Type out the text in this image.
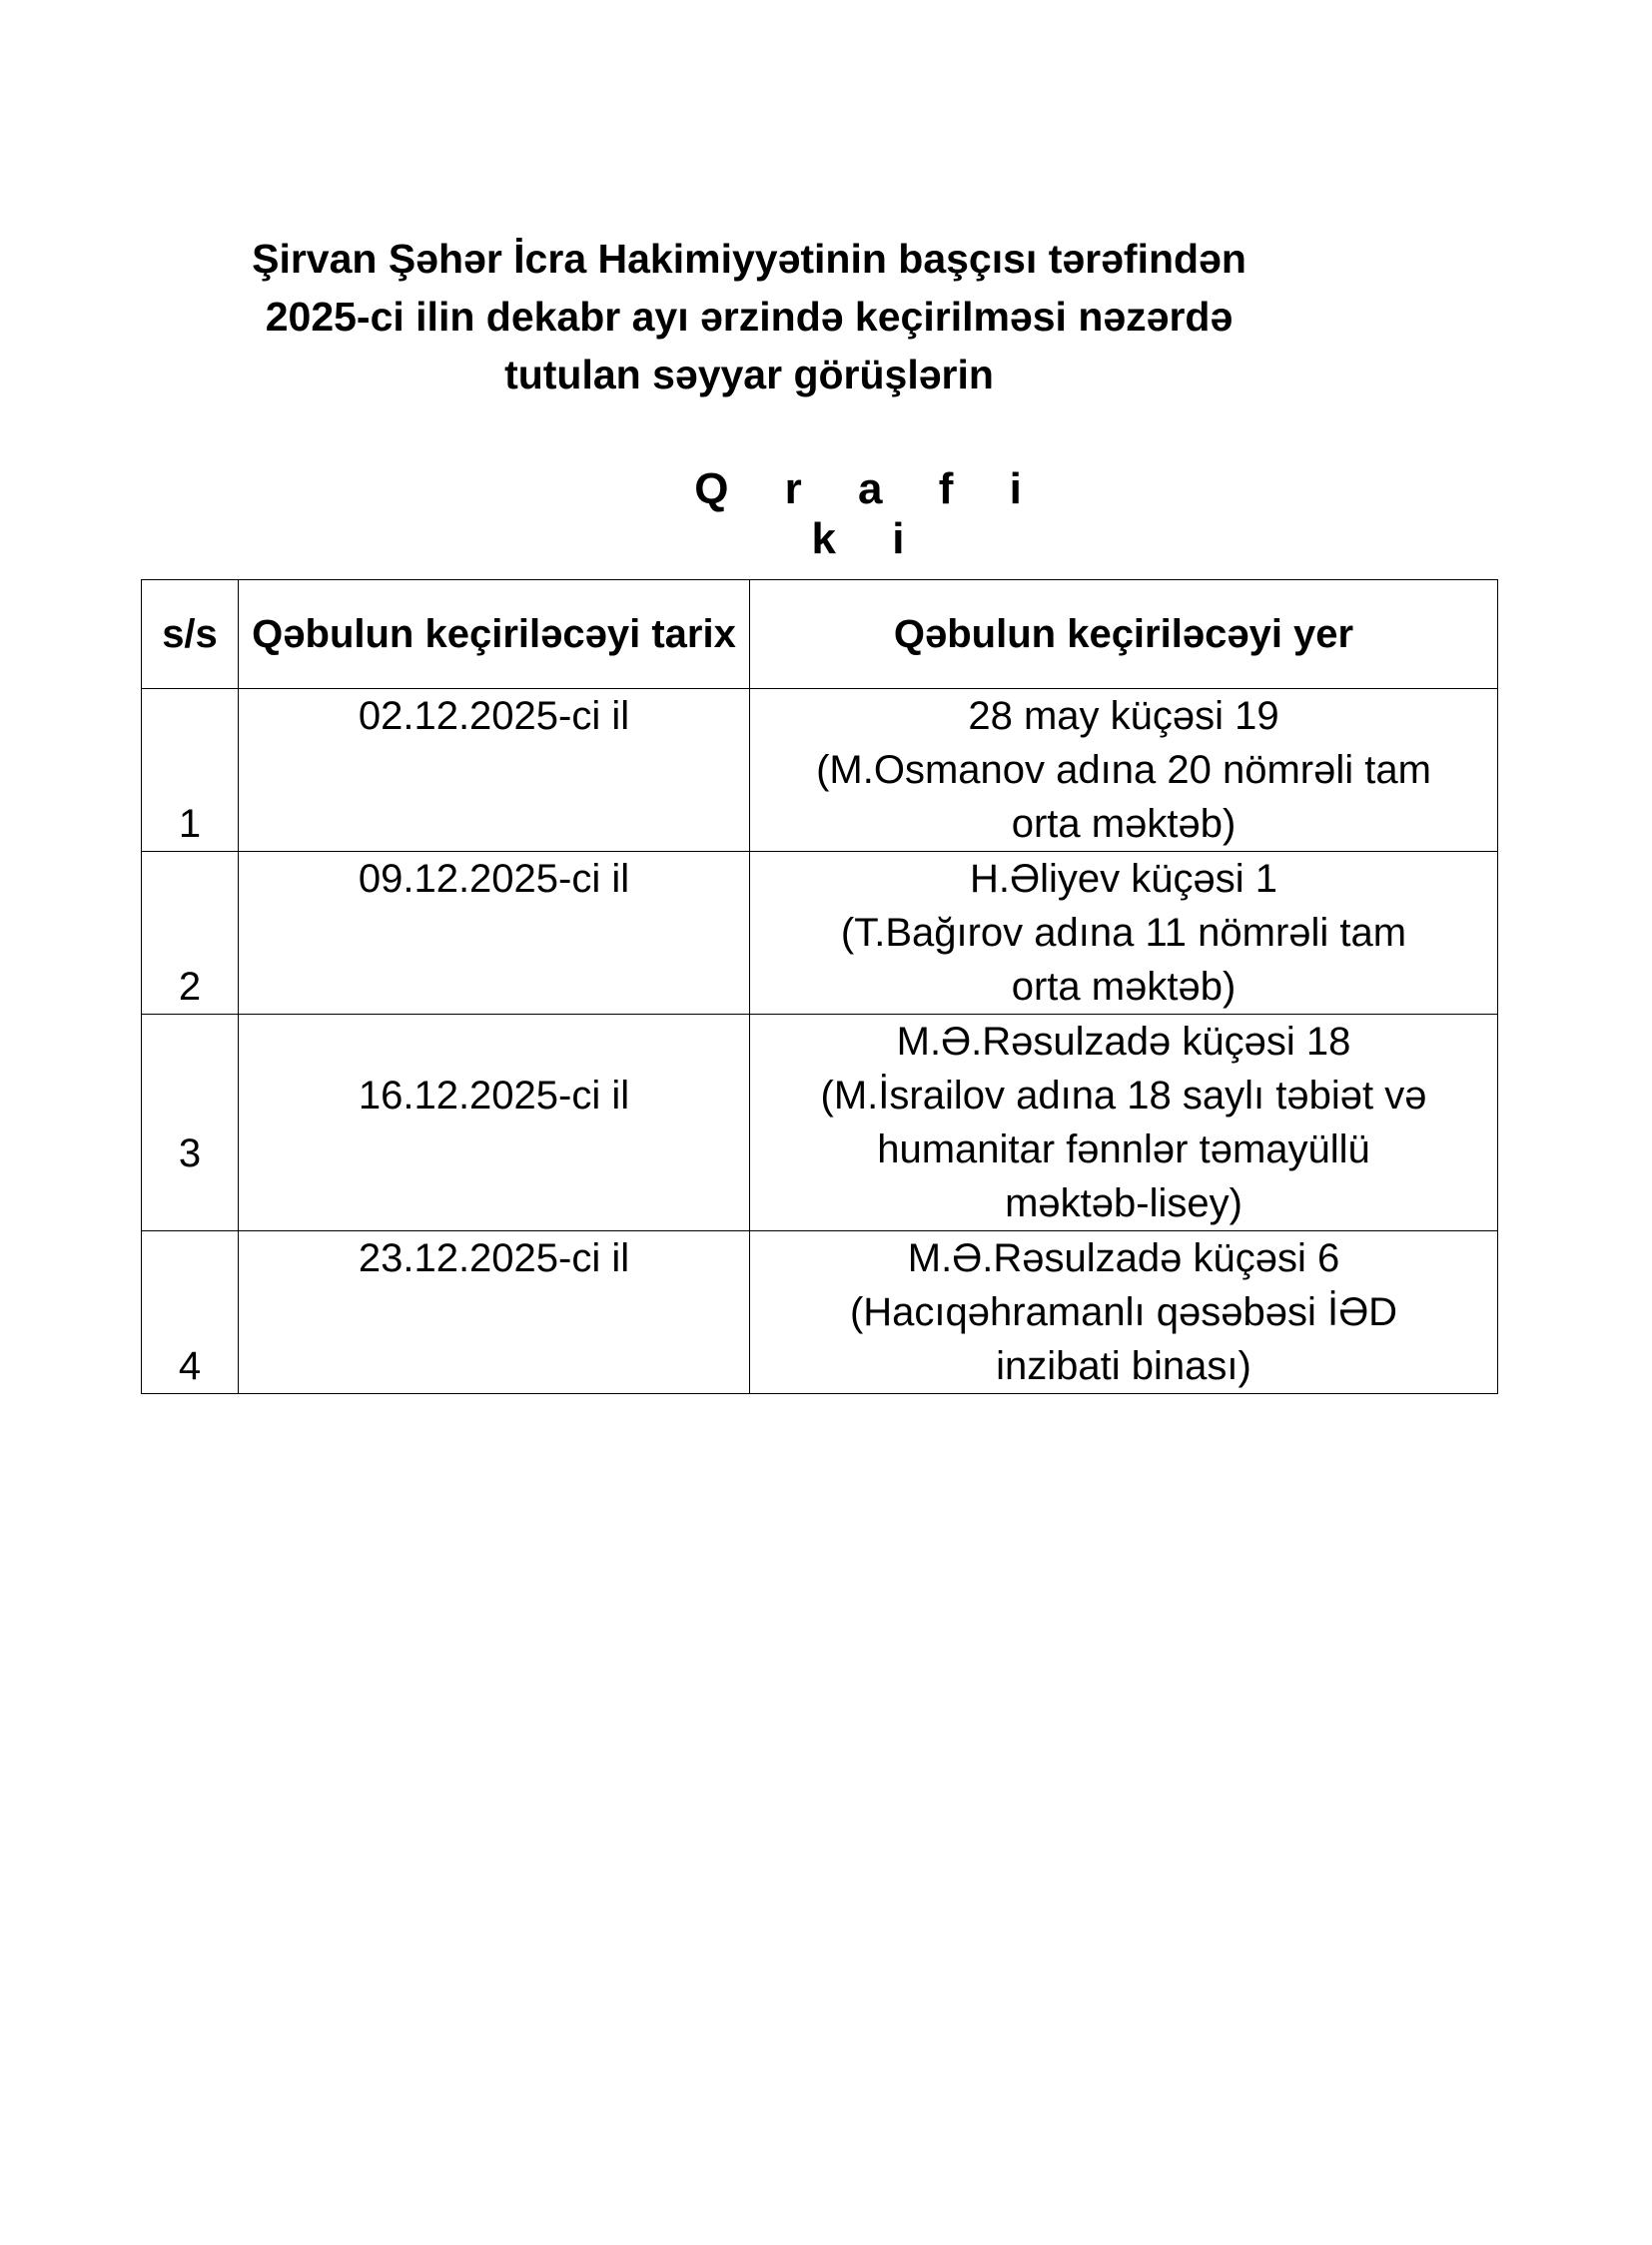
Şirvan Şəhər İcra Hakimiyyətinin başçısı tərəfindən
2025-ci ilin dekabr ayı ərzində keçirilməsi nəzərdə
tutulan səyyar görüşlərin
Q r a f i k i
s/s	Qəbulun keçiriləcəyi tarix	Qəbulun keçiriləcəyi yer
1	02.12.2025-ci il	28 may küçəsi 19
(M.Osmanov adına 20 nömrəli tam
orta məktəb)

2	09.12.2025-ci il	H.Əliyev küçəsi 1
(T.Bağırov adına 11 nömrəli tam
orta məktəb)

3	16.12.2025-ci il	M.Ə.Rəsulzadə küçəsi 18
(M.İsrailov adına 18 saylı təbiət və
humanitar fənnlər təmayüllü
məktəb-lisey)

4	23.12.2025-ci il	M.Ə.Rəsulzadə küçəsi 6
(Hacıqəhramanlı qəsəbəsi İƏD
inzibati binası)
